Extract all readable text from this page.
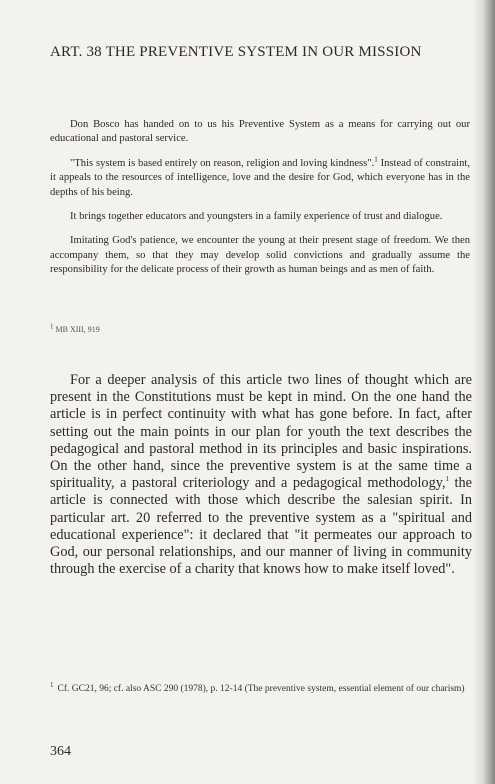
ART. 38 THE PREVENTIVE SYSTEM IN OUR MISSION

Don Bosco has handed on to us his Preventive System as a means for carrying out our educational and pastoral service.

"This system is based entirely on reason, religion and loving kindness".$^1$ Instead of constraint, it appeals to the resources of intelligence, love and the desire for God, which everyone has in the depths of his being.

It brings together educators and youngsters in a family experience of trust and dialogue.

Imitating God's patience, we encounter the young at their present stage of freedom. We then accompany them, so that they may develop solid convictions and gradually assume the responsibility for the delicate process of their growth as human beings and as men of faith.

1 MB XIII, 919

For a deeper analysis of this article two lines of thought which are present in the Constitutions must be kept in mind. On the one hand the article is in perfect continuity with what has gone before. In fact, after setting out the main points in our plan for youth the text describes the pedagogical and pastoral method in its principles and basic inspirations. On the other hand, since the preventive system is at the same time a spirituality, a pastoral criteriology and a pedagogical methodology,$^1$ the article is connected with those which describe the salesian spirit. In particular art. 20 referred to the preventive system as a "spiritual and educational experience": it declared that "it permeates our approach to God, our personal relationships, and our manner of living in community through the exercise of a charity that knows how to make itself loved".

$^1$ Cf. GC21, 96; cf. also ASC 290 (1978), p. 12-14 (The preventive system, essential element of our charism)
364
